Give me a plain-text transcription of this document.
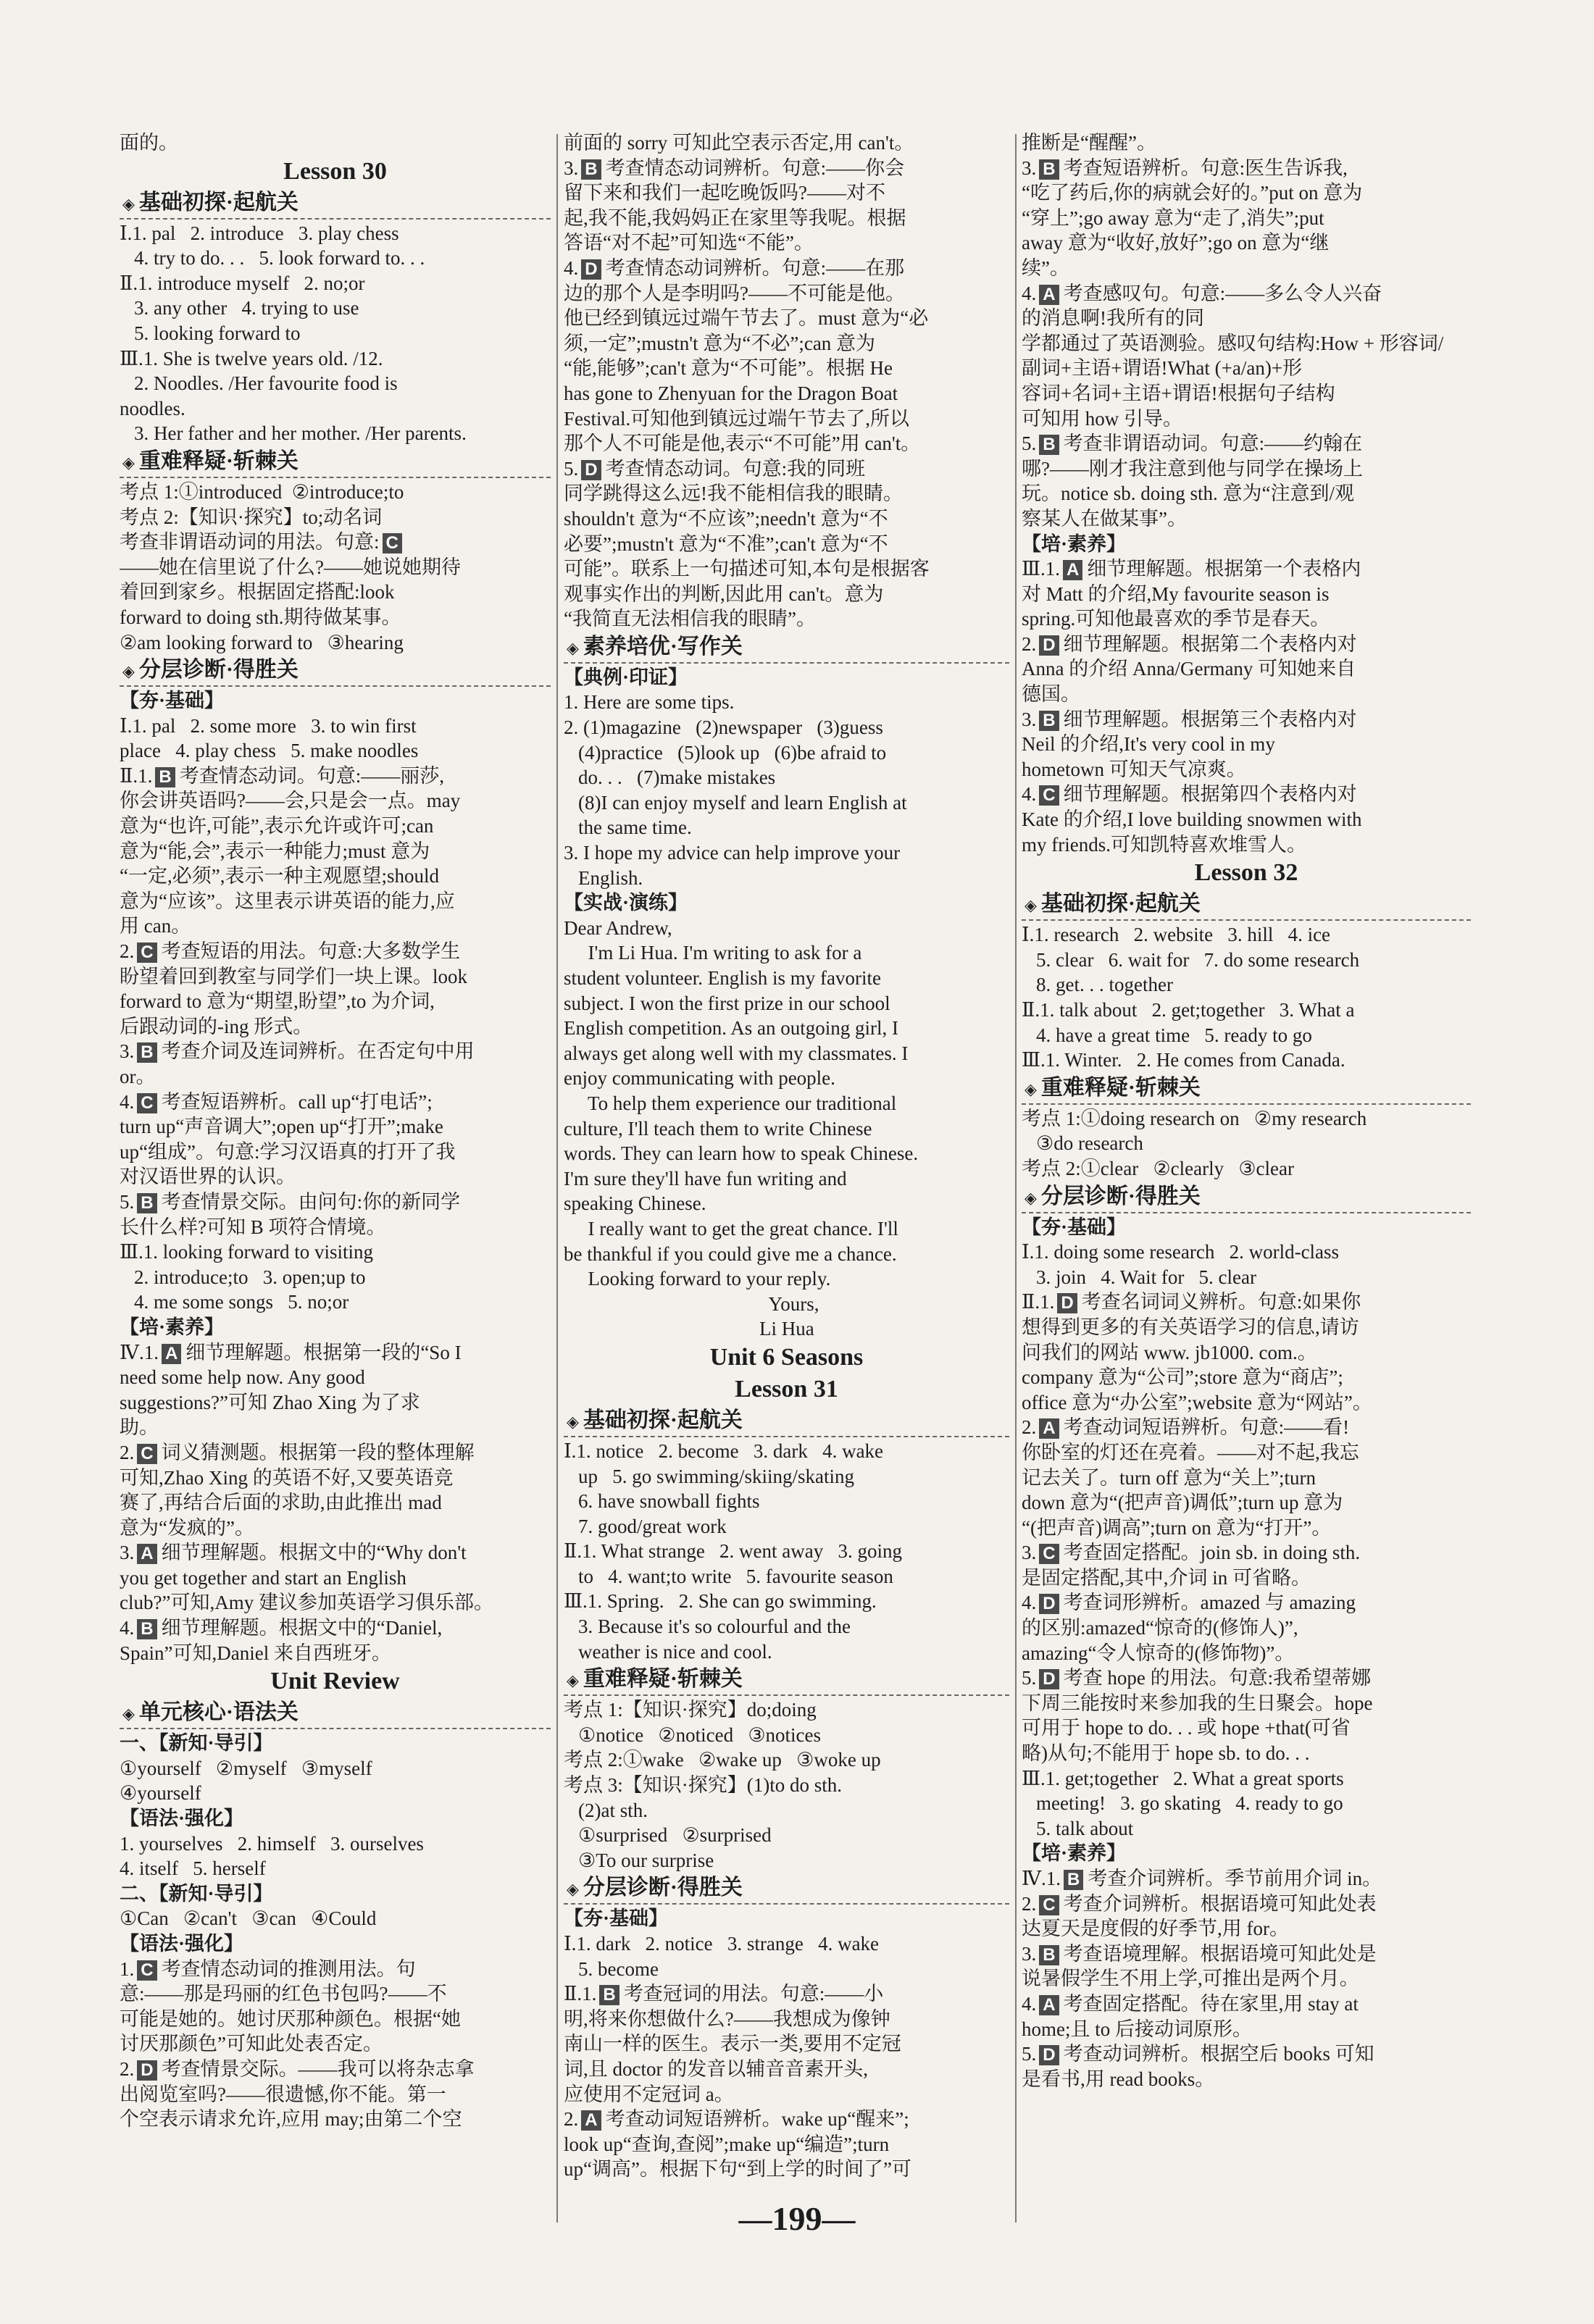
面的。
Lesson 30
◈ 基础初探·起航关
Ⅰ.1. pal   2. introduce   3. play chess
4. try to do. . .   5. look forward to. . .
Ⅱ.1. introduce myself   2. no;or
3. any other   4. trying to use
5. looking forward to
Ⅲ.1. She is twelve years old. /12.
2. Noodles. /Her favourite food is
noodles.
3. Her father and her mother. /Her parents.
◈ 重难释疑·斩棘关
考点 1:①introduced  ②introduce;to
考点 2:【知识·探究】to;动名词
考查非谓语动词的用法。句意: C
——她在信里说了什么?——她说她期待
着回到家乡。根据固定搭配:look
forward to doing sth.期待做某事。
②am looking forward to   ③hearing
◈ 分层诊断·得胜关
【夯·基础】
Ⅰ.1. pal   2. some more   3. to win first
place   4. play chess   5. make noodles
Ⅱ.1. B 考查情态动词。句意:——丽莎,
你会讲英语吗?——会,只是会一点。may
意为“也许,可能”,表示允许或许可;can
意为“能,会”,表示一种能力;must 意为
“一定,必须”,表示一种主观愿望;should
意为“应该”。这里表示讲英语的能力,应
用 can。
2. C 考查短语的用法。句意:大多数学生
盼望着回到教室与同学们一块上课。look
forward to 意为“期望,盼望”,to 为介词,
后跟动词的-ing 形式。
3. B 考查介词及连词辨析。在否定句中用
or。
4. C 考查短语辨析。call up“打电话”;
turn up“声音调大”;open up“打开”;make
up“组成”。句意:学习汉语真的打开了我
对汉语世界的认识。
5. B 考查情景交际。由问句:你的新同学
长什么样?可知 B 项符合情境。
Ⅲ.1. looking forward to visiting
2. introduce;to   3. open;up to
4. me some songs   5. no;or
【培·素养】
Ⅳ.1. A 细节理解题。根据第一段的“So I
need some help now. Any good
suggestions?”可知 Zhao Xing 为了求
助。
2. C 词义猜测题。根据第一段的整体理解
可知,Zhao Xing 的英语不好,又要英语竞
赛了,再结合后面的求助,由此推出 mad
意为“发疯的”。
3. A 细节理解题。根据文中的“Why don't
you get together and start an English
club?”可知,Amy 建议参加英语学习俱乐部。
4. B 细节理解题。根据文中的“Daniel,
Spain”可知,Daniel 来自西班牙。
Unit Review
◈ 单元核心·语法关
一、【新知·导引】
①yourself   ②myself   ③myself
④yourself
【语法·强化】
1. yourselves   2. himself   3. ourselves
4. itself   5. herself
二、【新知·导引】
①Can   ②can't   ③can   ④Could
【语法·强化】
1. C 考查情态动词的推测用法。句
意:——那是玛丽的红色书包吗?——不
可能是她的。她讨厌那种颜色。根据“她
讨厌那颜色”可知此处表否定。
2. D 考查情景交际。——我可以将杂志拿
出阅览室吗?——很遗憾,你不能。第一
个空表示请求允许,应用 may;由第二个空
前面的 sorry 可知此空表示否定,用 can't。
3. B 考查情态动词辨析。句意:——你会
留下来和我们一起吃晚饭吗?——对不
起,我不能,我妈妈正在家里等我呢。根据
答语“对不起”可知选“不能”。
4. D 考查情态动词辨析。句意:——在那
边的那个人是李明吗?——不可能是他。
他已经到镇远过端午节去了。must 意为“必
须,一定”;mustn't 意为“不必”;can 意为
“能,能够”;can't 意为“不可能”。根据 He
has gone to Zhenyuan for the Dragon Boat
Festival.可知他到镇远过端午节去了,所以
那个人不可能是他,表示“不可能”用 can't。
5. D 考查情态动词。句意:我的同班
同学跳得这么远!我不能相信我的眼睛。
shouldn't 意为“不应该”;needn't 意为“不
必要”;mustn't 意为“不准”;can't 意为“不
可能”。联系上一句描述可知,本句是根据客
观事实作出的判断,因此用 can't。意为
“我简直无法相信我的眼睛”。
◈ 素养培优·写作关
【典例·印证】
1. Here are some tips.
2. (1)magazine   (2)newspaper   (3)guess
(4)practice   (5)look up   (6)be afraid to
do. . .   (7)make mistakes
(8)I can enjoy myself and learn English at
the same time.
3. I hope my advice can help improve your
English.
【实战·演练】
Dear Andrew,
I'm Li Hua. I'm writing to ask for a
student volunteer. English is my favorite
subject. I won the first prize in our school
English competition. As an outgoing girl, I
always get along well with my classmates. I
enjoy communicating with people.
To help them experience our traditional
culture, I'll teach them to write Chinese
words. They can learn how to speak Chinese.
I'm sure they'll have fun writing and
speaking Chinese.
I really want to get the great chance. I'll
be thankful if you could give me a chance.
Looking forward to your reply.
Yours,
Li Hua
Unit 6 Seasons
Lesson 31
◈ 基础初探·起航关
Ⅰ.1. notice   2. become   3. dark   4. wake
up   5. go swimming/skiing/skating
6. have snowball fights
7. good/great work
Ⅱ.1. What strange   2. went away   3. going
to   4. want;to write   5. favourite season
Ⅲ.1. Spring.   2. She can go swimming.
3. Because it's so colourful and the
weather is nice and cool.
◈ 重难释疑·斩棘关
考点 1:【知识·探究】do;doing
①notice   ②noticed   ③notices
考点 2:①wake   ②wake up   ③woke up
考点 3:【知识·探究】(1)to do sth.
(2)at sth.
①surprised   ②surprised
③To our surprise
◈ 分层诊断·得胜关
【夯·基础】
Ⅰ.1. dark   2. notice   3. strange   4. wake
5. become
Ⅱ.1. B 考查冠词的用法。句意:——小
明,将来你想做什么?——我想成为像钟
南山一样的医生。表示一类,要用不定冠
词,且 doctor 的发音以辅音音素开头,
应使用不定冠词 a。
2. A 考查动词短语辨析。wake up“醒来”;
look up“查询,查阅”;make up“编造”;turn
up“调高”。根据下句“到上学的时间了”可
推断是“醒醒”。
3. B 考查短语辨析。句意:医生告诉我,
“吃了药后,你的病就会好的。”put on 意为
“穿上”;go away 意为“走了,消失”;put
away 意为“收好,放好”;go on 意为“继
续”。
4. A 考查感叹句。句意:——多么令人兴奋
的消息啊!我所有的同
学都通过了英语测验。感叹句结构:How + 形容词/
副词+主语+谓语!What (+a/an)+形
容词+名词+主语+谓语!根据句子结构
可知用 how 引导。
5. B 考查非谓语动词。句意:——约翰在
哪?——刚才我注意到他与同学在操场上
玩。notice sb. doing sth. 意为“注意到/观
察某人在做某事”。
【培·素养】
Ⅲ.1. A 细节理解题。根据第一个表格内
对 Matt 的介绍,My favourite season is
spring.可知他最喜欢的季节是春天。
2. D 细节理解题。根据第二个表格内对
Anna 的介绍 Anna/Germany 可知她来自
德国。
3. B 细节理解题。根据第三个表格内对
Neil 的介绍,It's very cool in my
hometown 可知天气凉爽。
4. C 细节理解题。根据第四个表格内对
Kate 的介绍,I love building snowmen with
my friends.可知凯特喜欢堆雪人。
Lesson 32
◈ 基础初探·起航关
Ⅰ.1. research   2. website   3. hill   4. ice
5. clear   6. wait for   7. do some research
8. get. . . together
Ⅱ.1. talk about   2. get;together   3. What a
4. have a great time   5. ready to go
Ⅲ.1. Winter.   2. He comes from Canada.
◈ 重难释疑·斩棘关
考点 1:①doing research on   ②my research
③do research
考点 2:①clear   ②clearly   ③clear
◈ 分层诊断·得胜关
【夯·基础】
Ⅰ.1. doing some research   2. world-class
3. join   4. Wait for   5. clear
Ⅱ.1. D 考查名词词义辨析。句意:如果你
想得到更多的有关英语学习的信息,请访
问我们的网站 www. jb1000. com.。
company 意为“公司”;store 意为“商店”;
office 意为“办公室”;website 意为“网站”。
2. A 考查动词短语辨析。句意:——看!
你卧室的灯还在亮着。——对不起,我忘
记去关了。turn off 意为“关上”;turn
down 意为“(把声音)调低”;turn up 意为
“(把声音)调高”;turn on 意为“打开”。
3. C 考查固定搭配。join sb. in doing sth.
是固定搭配,其中,介词 in 可省略。
4. D 考查词形辨析。amazed 与 amazing
的区别:amazed“惊奇的(修饰人)”,
amazing“令人惊奇的(修饰物)”。
5. D 考查 hope 的用法。句意:我希望蒂娜
下周三能按时来参加我的生日聚会。hope
可用于 hope to do. . . 或 hope +that(可省
略)从句;不能用于 hope sb. to do. . .
Ⅲ.1. get;together   2. What a great sports
meeting!   3. go skating   4. ready to go
5. talk about
【培·素养】
Ⅳ.1. B 考查介词辨析。季节前用介词 in。
2. C 考查介词辨析。根据语境可知此处表
达夏天是度假的好季节,用 for。
3. B 考查语境理解。根据语境可知此处是
说暑假学生不用上学,可推出是两个月。
4. A 考查固定搭配。待在家里,用 stay at
home;且 to 后接动词原形。
5. D 考查动词辨析。根据空后 books 可知
是看书,用 read books。
—199—
